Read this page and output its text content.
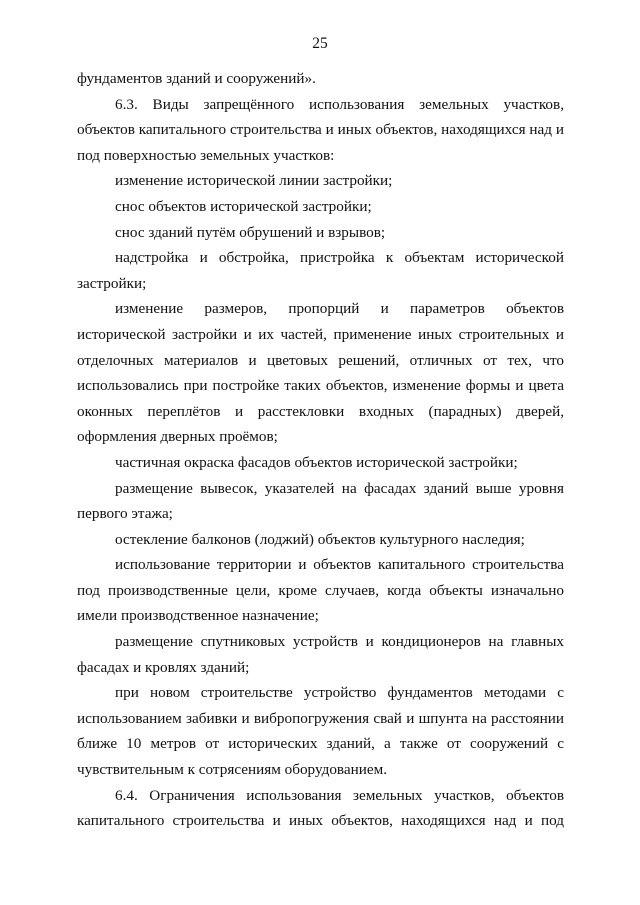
25
фундаментов зданий и сооружений».
6.3. Виды запрещённого использования земельных участков,
объектов капитального строительства и иных объектов, находящихся над и
под поверхностью земельных участков:
изменение исторической линии застройки;
снос объектов исторической застройки;
снос зданий путём обрушений и взрывов;
надстройка и обстройка, пристройка к объектам исторической
застройки;
изменение размеров, пропорций и параметров объектов
исторической застройки и их частей, применение иных строительных и
отделочных материалов и цветовых решений, отличных от тех, что
использовались при постройке таких объектов, изменение формы и цвета
оконных переплётов и расстекловки входных (парадных) дверей,
оформления дверных проёмов;
частичная окраска фасадов объектов исторической застройки;
размещение вывесок, указателей на фасадах зданий выше уровня
первого этажа;
остекление балконов (лоджий) объектов культурного наследия;
использование территории и объектов капитального строительства
под производственные цели, кроме случаев, когда объекты изначально
имели производственное назначение;
размещение спутниковых устройств и кондиционеров на главных
фасадах и кровлях зданий;
при новом строительстве устройство фундаментов методами с
использованием забивки и вибропогружения свай и шпунта на расстоянии
ближе 10 метров от исторических зданий, а также от сооружений с
чувствительным к сотрясениям оборудованием.
6.4. Ограничения использования земельных участков, объектов
капитального строительства и иных объектов, находящихся над и под
